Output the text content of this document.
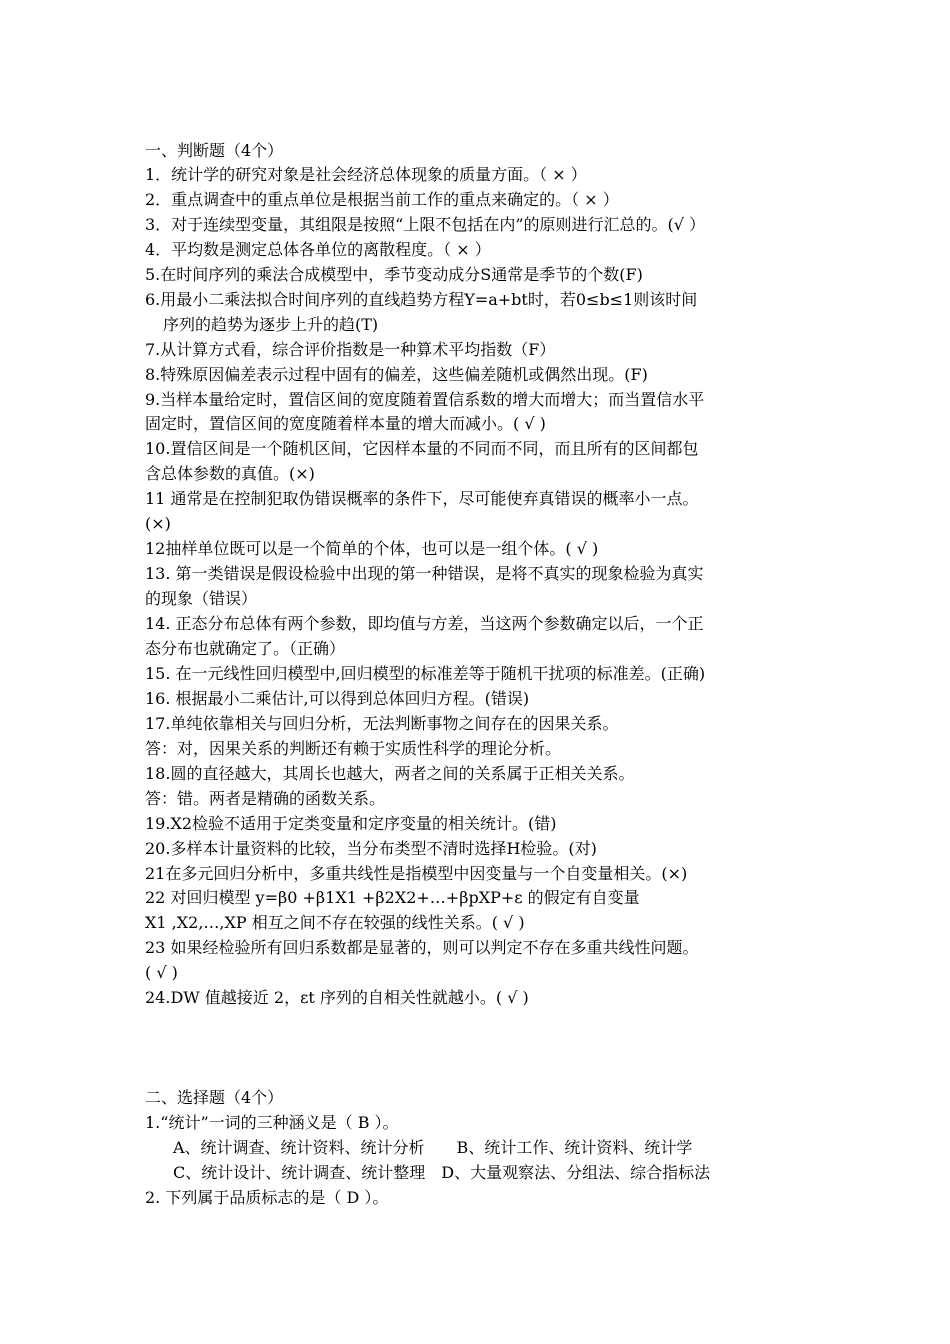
一、判断题（4个）
1．统计学的研究对象是社会经济总体现象的质量方面。（ × ）
2．重点调查中的重点单位是根据当前工作的重点来确定的。（ × ）
3．对于连续型变量，其组限是按照“上限不包括在内”的原则进行汇总的。(√ ）
4．平均数是测定总体各单位的离散程度。（ × ）
5.在时间序列的乘法合成模型中，季节变动成分S通常是季节的个数(F)
6.用最小二乘法拟合时间序列的直线趋势方程Y=a+bt时，若0≤b≤1则该时间
序列的趋势为逐步上升的趋(T)
7.从计算方式看，综合评价指数是一种算术平均指数（F）
8.特殊原因偏差表示过程中固有的偏差，这些偏差随机或偶然出现。(F)
9.当样本量给定时，置信区间的宽度随着置信系数的增大而增大；而当置信水平
固定时，置信区间的宽度随着样本量的增大而减小。( √ )
10.置信区间是一个随机区间，它因样本量的不同而不同，而且所有的区间都包
含总体参数的真值。(×)
11 通常是在控制犯取伪错误概率的条件下，尽可能使弃真错误的概率小一点。
(×)
12抽样单位既可以是一个简单的个体，也可以是一组个体。( √ )
13. 第一类错误是假设检验中出现的第一种错误，是将不真实的现象检验为真实
的现象（错误）
14. 正态分布总体有两个参数，即均值与方差，当这两个参数确定以后，一个正
态分布也就确定了。（正确）
15. 在一元线性回归模型中,回归模型的标准差等于随机干扰项的标准差。(正确)
16. 根据最小二乘估计,可以得到总体回归方程。(错误)
17.单纯依靠相关与回归分析，无法判断事物之间存在的因果关系。
答：对，因果关系的判断还有赖于实质性科学的理论分析。
18.圆的直径越大，其周长也越大，两者之间的关系属于正相关关系。
答：错。两者是精确的函数关系。
19.X2检验不适用于定类变量和定序变量的相关统计。(错)
20.多样本计量资料的比较，当分布类型不清时选择H检验。(对)
21在多元回归分析中，多重共线性是指模型中因变量与一个自变量相关。(×)
22 对回归模型 y=β0 +β1X1 +β2X2+…+βpXP+ε 的假定有自变量
X1 ,X2,…,XP 相互之间不存在较强的线性关系。( √ )
23 如果经检验所有回归系数都是显著的，则可以判定不存在多重共线性问题。
( √ )
24.DW 值越接近 2，εt 序列的自相关性就越小。( √ )
二、选择题（4个）
1.“统计”一词的三种涵义是（ B ）。
A、统计调查、统计资料、统计分析　　B、统计工作、统计资料、统计学
C、统计设计、统计调查、统计整理　D、大量观察法、分组法、综合指标法
2. 下列属于品质标志的是（ D ）。
